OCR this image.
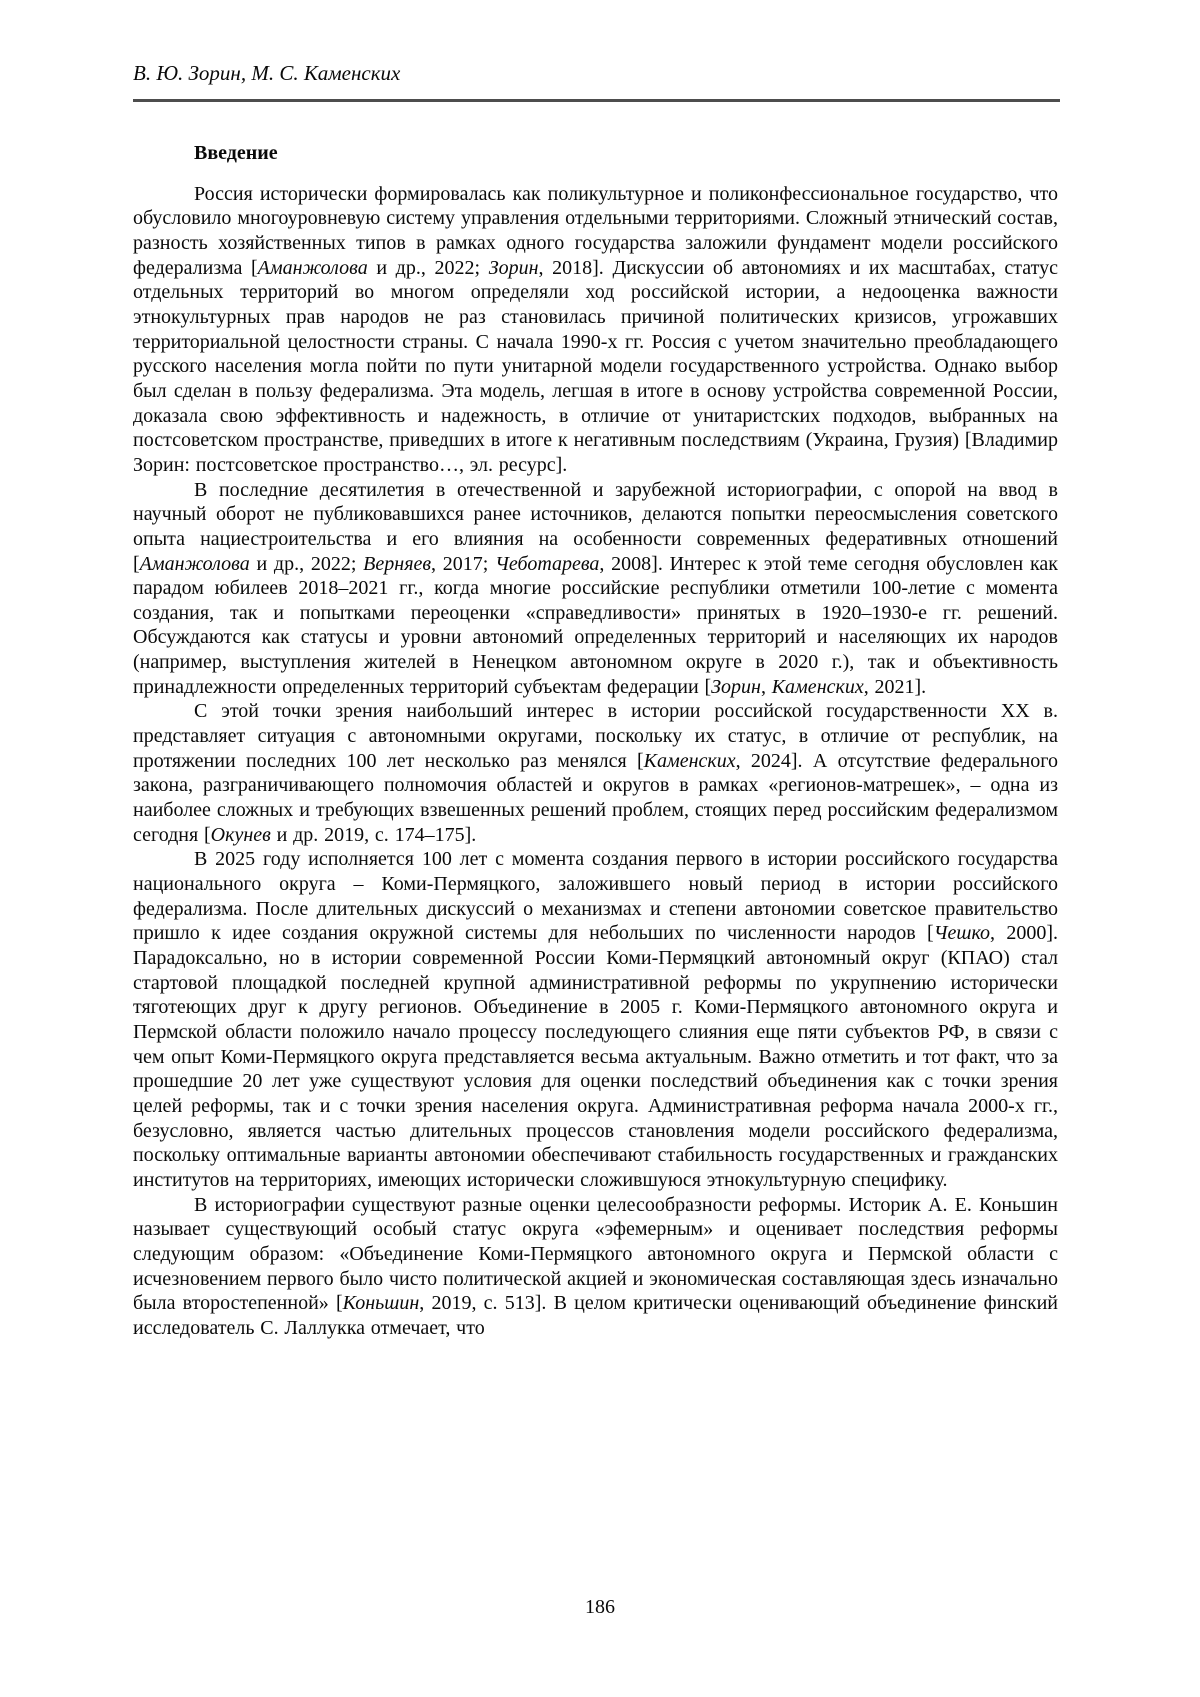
В. Ю. Зорин, М. С. Каменских
Введение

Россия исторически формировалась как поликультурное и поликонфессиональное государство, что обусловило многоуровневую систему управления отдельными территориями. Сложный этнический состав, разность хозяйственных типов в рамках одного государства заложили фундамент модели российского федерализма [Аманжолова и др., 2022; Зорин, 2018]. Дискуссии об автономиях и их масштабах, статус отдельных территорий во многом определяли ход российской истории, а недооценка важности этнокультурных прав народов не раз становилась причиной политических кризисов, угрожавших территориальной целостности страны. С начала 1990-х гг. Россия с учетом значительно преобладающего русского населения могла пойти по пути унитарной модели государственного устройства. Однако выбор был сделан в пользу федерализма. Эта модель, легшая в итоге в основу устройства современной России, доказала свою эффективность и надежность, в отличие от унитаристских подходов, выбранных на постсоветском пространстве, приведших в итоге к негативным последствиям (Украина, Грузия) [Владимир Зорин: постсоветское пространство…, эл. ресурс].

В последние десятилетия в отечественной и зарубежной историографии, с опорой на ввод в научный оборот не публиковавшихся ранее источников, делаются попытки переосмысления советского опыта нациестроительства и его влияния на особенности современных федеративных отношений [Аманжолова и др., 2022; Верняев, 2017; Чеботарева, 2008]. Интерес к этой теме сегодня обусловлен как парадом юбилеев 2018–2021 гг., когда многие российские республики отметили 100-летие с момента создания, так и попытками переоценки «справедливости» принятых в 1920–1930-е гг. решений. Обсуждаются как статусы и уровни автономий определенных территорий и населяющих их народов (например, выступления жителей в Ненецком автономном округе в 2020 г.), так и объективность принадлежности определенных территорий субъектам федерации [Зорин, Каменских, 2021].

С этой точки зрения наибольший интерес в истории российской государственности XX в. представляет ситуация с автономными округами, поскольку их статус, в отличие от республик, на протяжении последних 100 лет несколько раз менялся [Каменских, 2024]. А отсутствие федерального закона, разграничивающего полномочия областей и округов в рамках «регионов-матрешек», – одна из наиболее сложных и требующих взвешенных решений проблем, стоящих перед российским федерализмом сегодня [Окунев и др. 2019, с. 174–175].

В 2025 году исполняется 100 лет с момента создания первого в истории российского государства национального округа – Коми-Пермяцкого, заложившего новый период в истории российского федерализма. После длительных дискуссий о механизмах и степени автономии советское правительство пришло к идее создания окружной системы для небольших по численности народов [Чешко, 2000]. Парадоксально, но в истории современной России Коми-Пермяцкий автономный округ (КПАО) стал стартовой площадкой последней крупной административной реформы по укрупнению исторически тяготеющих друг к другу регионов. Объединение в 2005 г. Коми-Пермяцкого автономного округа и Пермской области положило начало процессу последующего слияния еще пяти субъектов РФ, в связи с чем опыт Коми-Пермяцкого округа представляется весьма актуальным. Важно отметить и тот факт, что за прошедшие 20 лет уже существуют условия для оценки последствий объединения как с точки зрения целей реформы, так и с точки зрения населения округа. Административная реформа начала 2000-х гг., безусловно, является частью длительных процессов становления модели российского федерализма, поскольку оптимальные варианты автономии обеспечивают стабильность государственных и гражданских институтов на территориях, имеющих исторически сложившуюся этнокультурную специфику.

В историографии существуют разные оценки целесообразности реформы. Историк А. Е. Коньшин называет существующий особый статус округа «эфемерным» и оценивает последствия реформы следующим образом: «Объединение Коми-Пермяцкого автономного округа и Пермской области с исчезновением первого было чисто политической акцией и экономическая составляющая здесь изначально была второстепенной» [Коньшин, 2019, с. 513]. В целом критически оценивающий объединение финский исследователь С. Лаллукка отмечает, что

186
